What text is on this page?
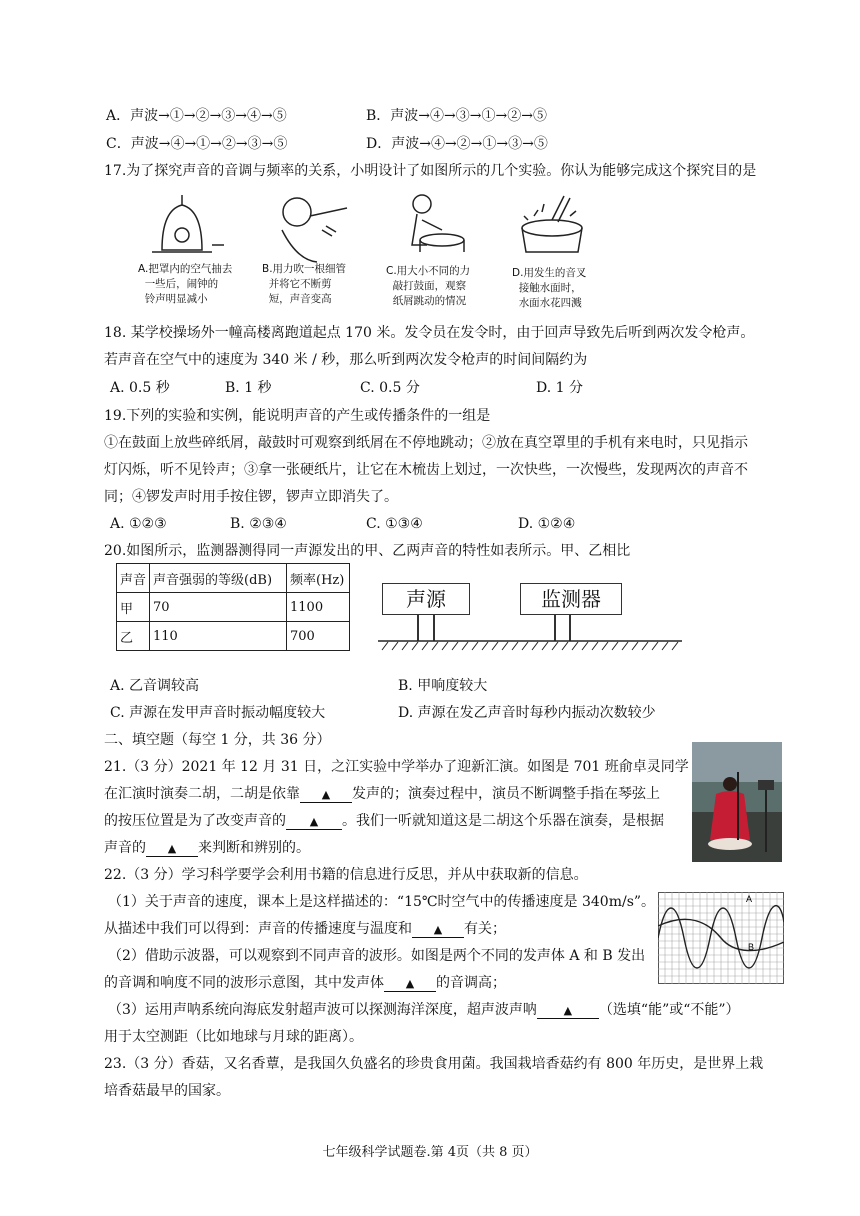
A．声波→①→②→③→④→⑤	B．声波→④→③→①→②→⑤
C．声波→④→①→②→③→⑤	D．声波→④→②→①→③→⑤
17.为了探究声音的音调与频率的关系，小明设计了如图所示的几个实验。你认为能够完成这个探究目的是
A.把罩内的空气抽去
一些后，闹钟的
铃声明显减小
B.用力吹一根细管
并将它不断剪
短，声音变高
C.用大小不同的力
敲打鼓面，观察
纸屑跳动的情况
D.用发生的音叉
接触水面时，
水面水花四溅
18. 某学校操场外一幢高楼离跑道起点 170 米。发令员在发令时，由于回声导致先后听到两次发令枪声。
若声音在空气中的速度为 340 米 / 秒，那么听到两次发令枪声的时间间隔约为
A. 0.5 秒	B. 1 秒	C. 0.5 分	D. 1 分
19.下列的实验和实例，能说明声音的产生或传播条件的一组是
①在鼓面上放些碎纸屑，敲鼓时可观察到纸屑在不停地跳动；②放在真空罩里的手机有来电时，只见指示
灯闪烁，听不见铃声；③拿一张硬纸片，让它在木梳齿上划过，一次快些，一次慢些，发现两次的声音不
同；④锣发声时用手按住锣，锣声立即消失了。
A. ①②③	B. ②③④	C. ①③④	D. ①②④
20.如图所示，监测器测得同一声源发出的甲、乙两声音的特性如表所示。甲、乙相比
声音	声音强弱的等级(dB)	频率(Hz)
甲	70	1100
乙	110	700
声源	监测器
A. 乙音调较高	B. 甲响度较大
C. 声源在发甲声音时振动幅度较大	D. 声源在发乙声音时每秒内振动次数较少
二、填空题（每空 1 分，共 36 分）
21.（3 分）2021 年 12 月 31 日，之江实验中学举办了迎新汇演。如图是 701 班俞卓灵同学
在汇演时演奏二胡，二胡是依靠 ▲ 发声的；演奏过程中，演员不断调整手指在琴弦上
的按压位置是为了改变声音的 ▲ 。我们一听就知道这是二胡这个乐器在演奏，是根据
声音的 ▲ 来判断和辨别的。
22.（3 分）学习科学要学会利用书籍的信息进行反思，并从中获取新的信息。
（1）关于声音的速度，课本上是这样描述的：“15℃时空气中的传播速度是 340m/s”。
从描述中我们可以得到：声音的传播速度与温度和 ▲ 有关；
（2）借助示波器，可以观察到不同声音的波形。如图是两个不同的发声体 A 和 B 发出
的音调和响度不同的波形示意图，其中发声体 ▲ 的音调高；
（3）运用声呐系统向海底发射超声波可以探测海洋深度，超声波声呐 ▲ （选填“能”或“不能”）
用于太空测距（比如地球与月球的距离）。
A
B
23.（3 分）香菇，又名香蕈，是我国久负盛名的珍贵食用菌。我国栽培香菇约有 800 年历史，是世界上栽
培香菇最早的国家。
七年级科学试题卷.第 4页（共 8 页）
